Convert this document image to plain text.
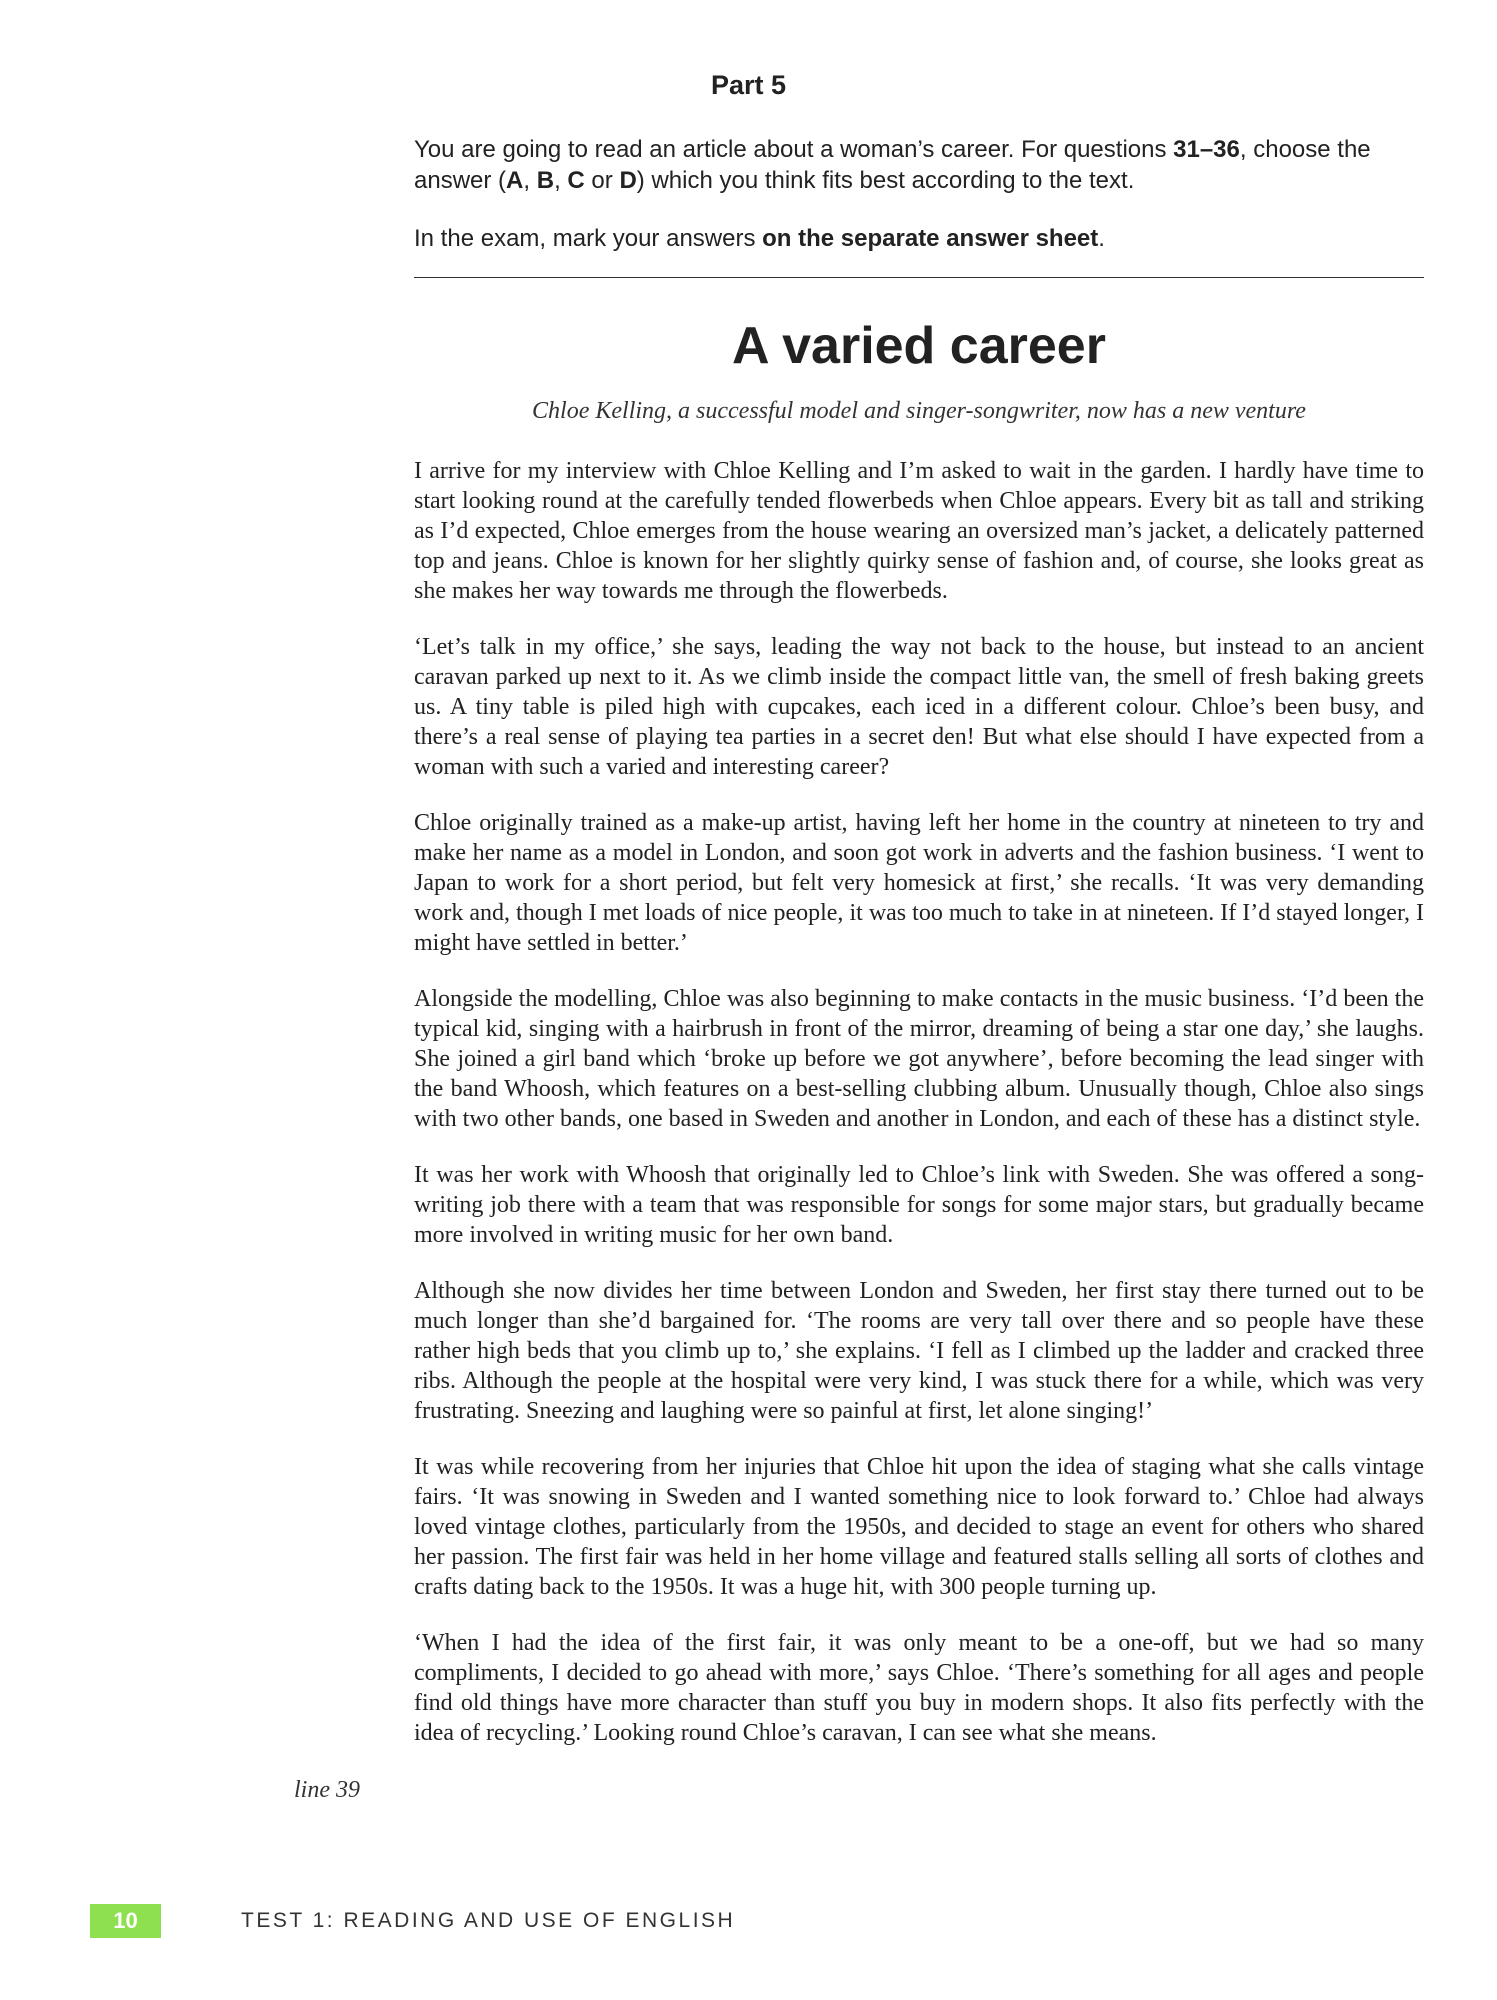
Part 5

You are going to read an article about a woman’s career. For questions 31–36, choose the answer (A, B, C or D) which you think fits best according to the text.

In the exam, mark your answers on the separate answer sheet.

A varied career
Chloe Kelling, a successful model and singer-songwriter, now has a new venture

I arrive for my interview with Chloe Kelling and I’m asked to wait in the garden. I hardly have time to start looking round at the carefully tended flowerbeds when Chloe appears. Every bit as tall and striking as I’d expected, Chloe emerges from the house wearing an oversized man’s jacket, a delicately patterned top and jeans. Chloe is known for her slightly quirky sense of fashion and, of course, she looks great as she makes her way towards me through the flowerbeds.

‘Let’s talk in my office,’ she says, leading the way not back to the house, but instead to an ancient caravan parked up next to it. As we climb inside the compact little van, the smell of fresh baking greets us. A tiny table is piled high with cupcakes, each iced in a different colour. Chloe’s been busy, and there’s a real sense of playing tea parties in a secret den! But what else should I have expected from a woman with such a varied and interesting career?

Chloe originally trained as a make-up artist, having left her home in the country at nineteen to try and make her name as a model in London, and soon got work in adverts and the fashion business. ‘I went to Japan to work for a short period, but felt very homesick at first,’ she recalls. ‘It was very demanding work and, though I met loads of nice people, it was too much to take in at nineteen. If I’d stayed longer, I might have settled in better.’

Alongside the modelling, Chloe was also beginning to make contacts in the music business. ‘I’d been the typical kid, singing with a hairbrush in front of the mirror, dreaming of being a star one day,’ she laughs. She joined a girl band which ‘broke up before we got anywhere’, before becoming the lead singer with the band Whoosh, which features on a best-selling clubbing album. Unusually though, Chloe also sings with two other bands, one based in Sweden and another in London, and each of these has a distinct style.

It was her work with Whoosh that originally led to Chloe’s link with Sweden. She was offered a song-writing job there with a team that was responsible for songs for some major stars, but gradually became more involved in writing music for her own band.

Although she now divides her time between London and Sweden, her first stay there turned out to be much longer than she’d bargained for. ‘The rooms are very tall over there and so people have these rather high beds that you climb up to,’ she explains. ‘I fell as I climbed up the ladder and cracked three ribs. Although the people at the hospital were very kind, I was stuck there for a while, which was very frustrating. Sneezing and laughing were so painful at first, let alone singing!’

It was while recovering from her injuries that Chloe hit upon the idea of staging what she calls vintage fairs. ‘It was snowing in Sweden and I wanted something nice to look forward to.’ Chloe had always loved vintage clothes, particularly from the 1950s, and decided to stage an event for others who shared her passion. The first fair was held in her home village and featured stalls selling all sorts of clothes and crafts dating back to the 1950s. It was a huge hit, with 300 people turning up.

‘When I had the idea of the first fair, it was only meant to be a one-off, but we had so many compliments, I decided to go ahead with more,’ says Chloe. ‘There’s something for all ages and people find old things have more character than stuff you buy in modern shops. It also fits perfectly with the idea of recycling.’ Looking round Chloe’s caravan, I can see what she means.

line 39
10	TEST 1: READING AND USE OF ENGLISH
